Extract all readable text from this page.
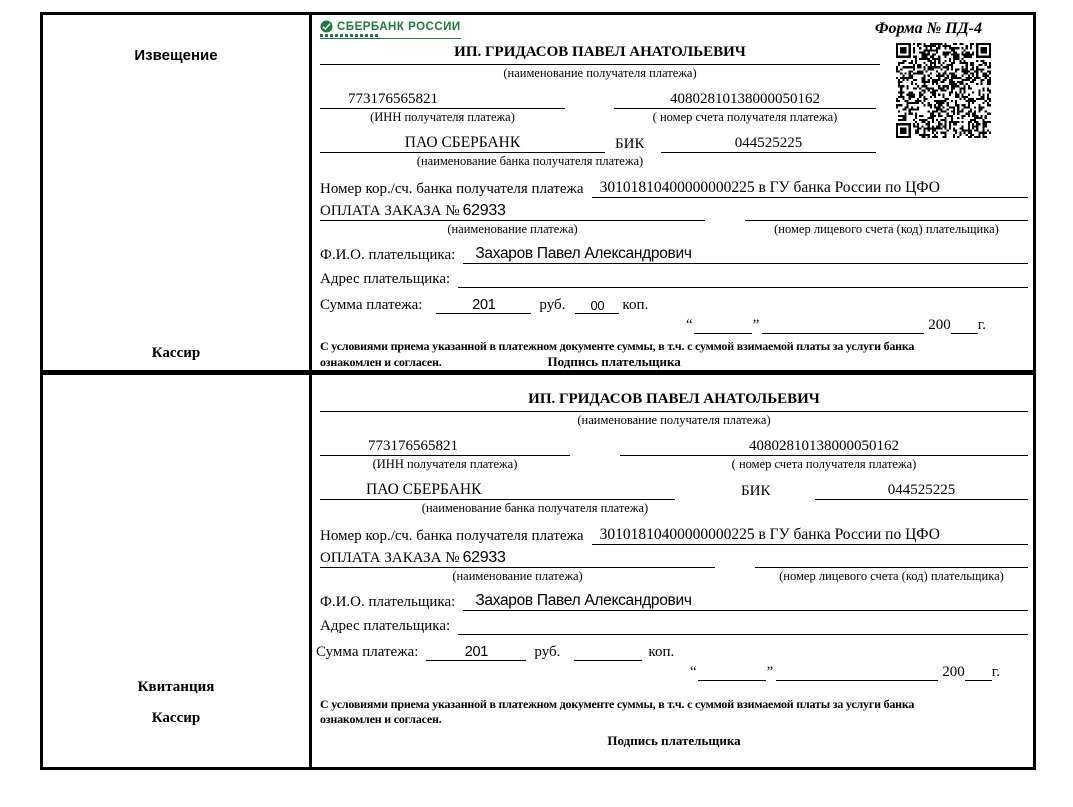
Извещение
Кассир
СБЕРБАНК РОССИИ	Форма № ПД-4
ИП. ГРИДАСОВ ПАВЕЛ АНАТОЛЬЕВИЧ
(наименование получателя платежа)
773176565821	40802810138000050162
(ИНН получателя платежа)	( номер счета получателя платежа)
ПАО СБЕРБАНК	БИК	044525225
(наименование банка получателя платежа)
Номер кор./сч. банка получателя платежа	30101810400000000225 в ГУ банка России по ЦФО
ОПЛАТА ЗАКАЗА № 62933
(наименование платежа)	(номер лицевого счета (код) плательщика)
Ф.И.О. плательщика:	Захаров Павел Александрович
Адрес плательщика:
Сумма платежа:	201	руб. 00 коп.
“	”	200 г.
С условиями приема указанной в платежном документе суммы, в т.ч. с суммой взимаемой платы за услуги банка
ознакомлен и согласен.	Подпись плательщика
Квитанция
Кассир
ИП. ГРИДАСОВ ПАВЕЛ АНАТОЛЬЕВИЧ
(наименование получателя платежа)
773176565821	40802810138000050162
(ИНН получателя платежа)	( номер счета получателя платежа)
ПАО СБЕРБАНК	БИК	044525225
(наименование банка получателя платежа)
Номер кор./сч. банка получателя платежа	30101810400000000225 в ГУ банка России по ЦФО
ОПЛАТА ЗАКАЗА № 62933
(наименование платежа)	(номер лицевого счета (код) плательщика)
Ф.И.О. плательщика:	Захаров Павел Александрович
Адрес плательщика:
Сумма платежа:	201	руб.	коп.
“	”	200 г.
С условиями приема указанной в платежном документе суммы, в т.ч. с суммой взимаемой платы за услуги банка
ознакомлен и согласен.
Подпись плательщика
